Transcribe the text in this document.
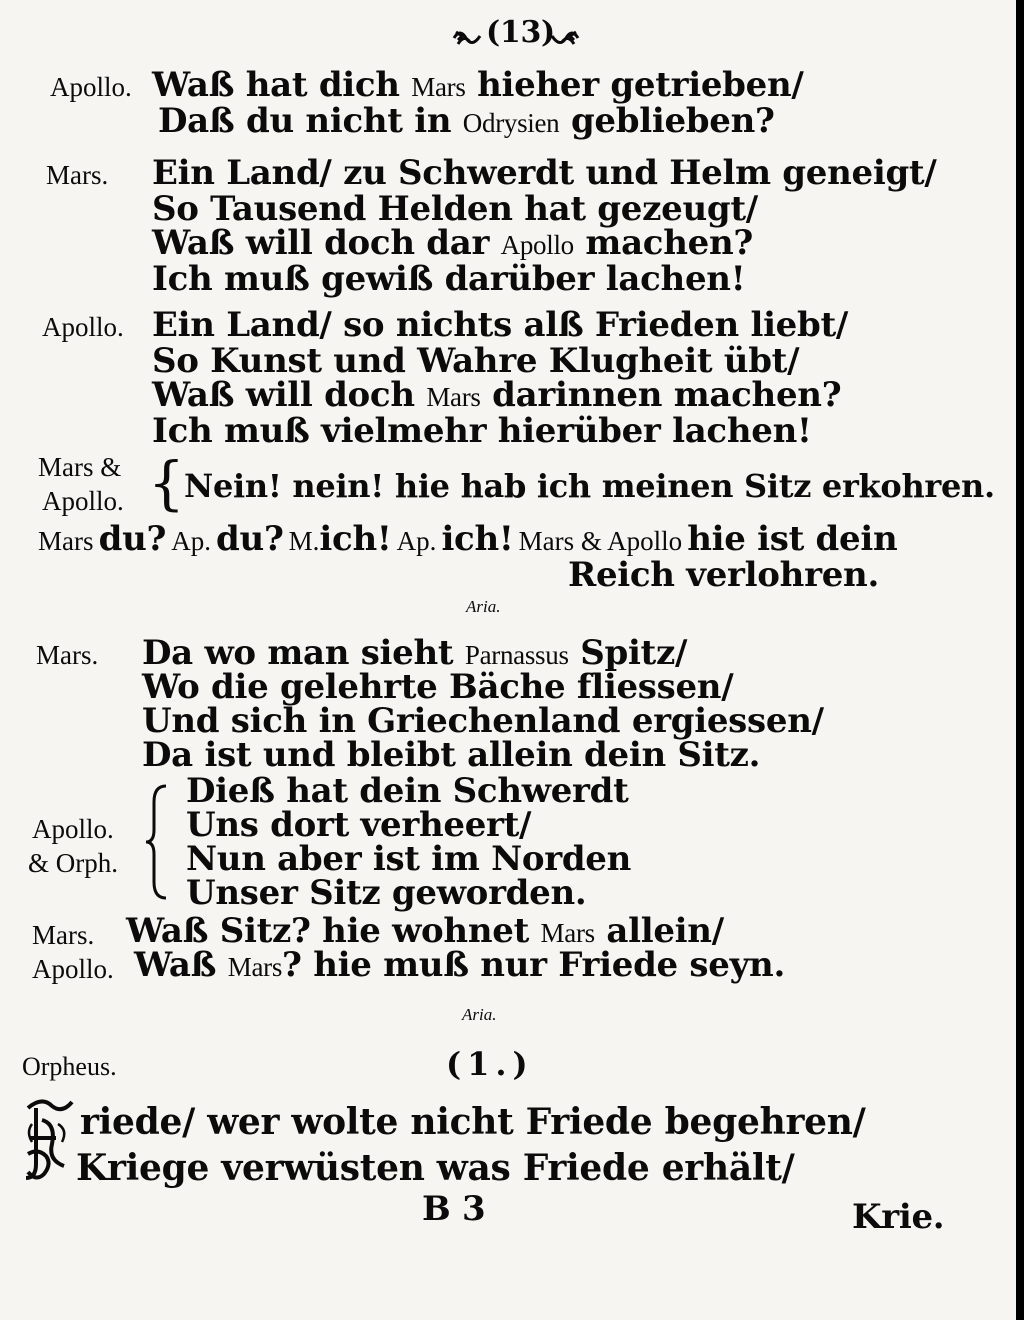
(13)
Apollo. Waß hat dich Mars hieher getrieben/
Daß du nicht in Odrysien geblieben?
Mars. Ein Land/ zu Schwerdt und Helm geneigt/
So Tausend Helden hat gezeugt/
Waß will doch dar Apollo machen?
Ich muß gewiß darüber lachen!
Apollo. Ein Land/ so nichts alß Frieden liebt/
So Kunst und Wahre Klugheit übt/
Waß will doch Mars darinnen machen?
Ich muß vielmehr hierüber lachen!
Mars &
Apollo. { Nein! nein! hie hab ich meinen Sitz erkohren.
Mars du? Ap. du? M.ich! Ap. ich! Mars & Apollo hie ist dein
Reich verlohren.
Aria.
Mars. Da wo man sieht Parnassus Spitz/
Wo die gelehrte Bäche fliessen/
Und sich in Griechenland ergiessen/
Da ist und bleibt allein dein Sitz.
Dieß hat dein Schwerdt
Uns dort verheert/
Nun aber ist im Norden
Unser Sitz geworden.
Apollo.
& Orph.
Mars. Waß Sitz? hie wohnet Mars allein/
Apollo. Waß Mars? hie muß nur Friede seyn.
Aria.
Orpheus.	(1.)
riede/ wer wolte nicht Friede begehren/
Kriege verwüsten was Friede erhält/
B 3	Krie.
